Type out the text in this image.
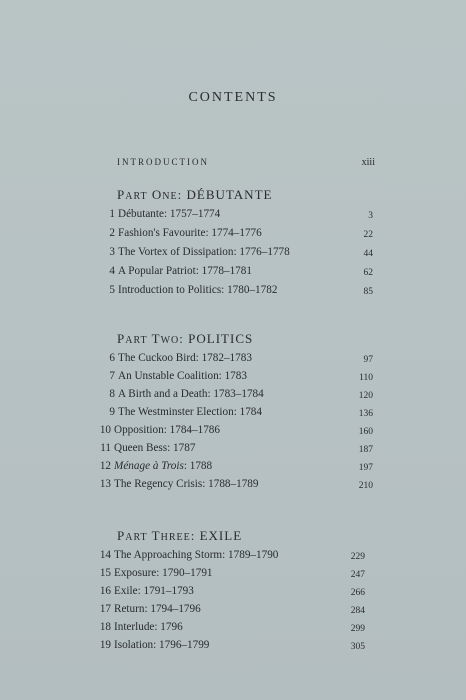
CONTENTS
INTRODUCTION	xiii
PART ONE: DÉBUTANTE
1 Débutante: 1757–1774	3
2 Fashion's Favourite: 1774–1776	22
3 The Vortex of Dissipation: 1776–1778	44
4 A Popular Patriot: 1778–1781	62
5 Introduction to Politics: 1780–1782	85
PART TWO: POLITICS
6 The Cuckoo Bird: 1782–1783	97
7 An Unstable Coalition: 1783	110
8 A Birth and a Death: 1783–1784	120
9 The Westminster Election: 1784	136
10 Opposition: 1784–1786	160
11 Queen Bess: 1787	187
12 Ménage à Trois: 1788	197
13 The Regency Crisis: 1788–1789	210
PART THREE: EXILE
14 The Approaching Storm: 1789–1790	229
15 Exposure: 1790–1791	247
16 Exile: 1791–1793	266
17 Return: 1794–1796	284
18 Interlude: 1796	299
19 Isolation: 1796–1799	305
